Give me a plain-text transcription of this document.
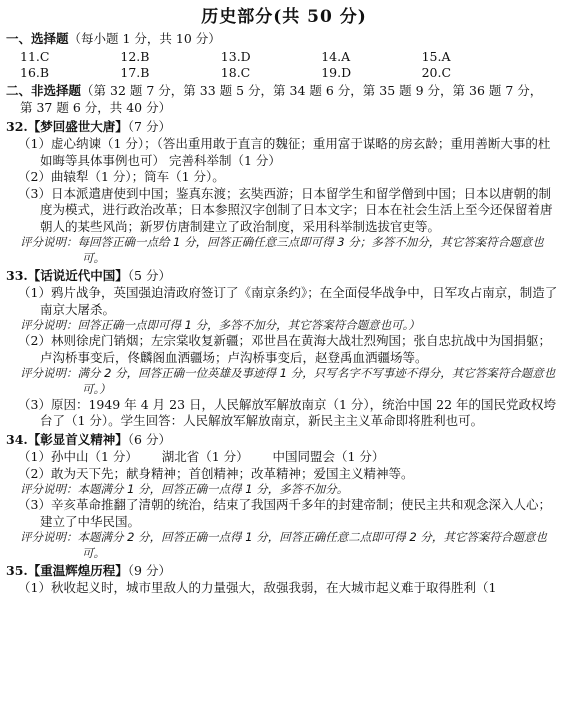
历史部分(共 50 分)
一、选择题（每小题 1 分，共 10 分）
11.C	12.B	13.D	14.A	15.A
16.B	17.B	18.C	19.D	20.C
二、非选择题（第 32 题 7 分，第 33 题 5 分，第 34 题 6 分，第 35 题 9 分，第 36 题 7 分，
第 37 题 6 分，共 40 分）
32.【梦回盛世大唐】（7 分）
（1）虚心纳谏（1 分）；（答出重用敢于直言的魏征；重用富于谋略的房玄龄；重用善断大事的杜如晦等具体事例也可） 完善科举制（1 分）
（2）曲辕犁（1 分）；筒车（1 分）。
（3）日本派遣唐使到中国；鉴真东渡；玄奘西游；日本留学生和留学僧到中国；日本以唐朝的制度为模式，进行政治改革；日本参照汉字创制了日本文字；日本在社会生活上至今还保留着唐朝人的某些风尚；新罗仿唐制建立了政治制度，采用科举制选拔官吏等。
评分说明：每回答正确一点给 1 分，回答正确任意三点即可得 3 分；多答不加分，其它答案符合题意也可。
33.【话说近代中国】（5 分）
（1）鸦片战争，英国强迫清政府签订了《南京条约》；在全面侵华战争中，日军攻占南京，制造了南京大屠杀。
评分说明：回答正确一点即可得 1 分，多答不加分，其它答案符合题意也可。）
（2）林则徐虎门销烟；左宗棠收复新疆；邓世昌在黄海大战壮烈殉国；张自忠抗战中为国捐躯；卢沟桥事变后，佟麟阁血洒疆场；卢沟桥事变后，赵登禹血洒疆场等。
评分说明：满分 2 分，回答正确一位英雄及事迹得 1 分，只写名字不写事迹不得分，其它答案符合题意也可。）
（3）原因：1949 年 4 月 23 日，人民解放军解放南京（1 分），统治中国 22 年的国民党政权垮台了（1 分）。学生回答：人民解放军解放南京，新民主主义革命即将胜利也可。
34.【彰显首义精神】（6 分）
（1）孙中山（1 分）      湖北省（1 分）      中国同盟会（1 分）
（2）敢为天下先；献身精神；首创精神；改革精神；爱国主义精神等。
评分说明：本题满分 1 分，回答正确一点得 1 分，多答不加分。
（3）辛亥革命推翻了清朝的统治，结束了我国两千多年的封建帝制；使民主共和观念深入人心；建立了中华民国。
评分说明：本题满分 2 分，回答正确一点得 1 分，回答正确任意二点即可得 2 分，其它答案符合题意也可。
35.【重温辉煌历程】（9 分）
（1）秋收起义时，城市里敌人的力量强大，敌强我弱，在大城市起义难于取得胜利（1
